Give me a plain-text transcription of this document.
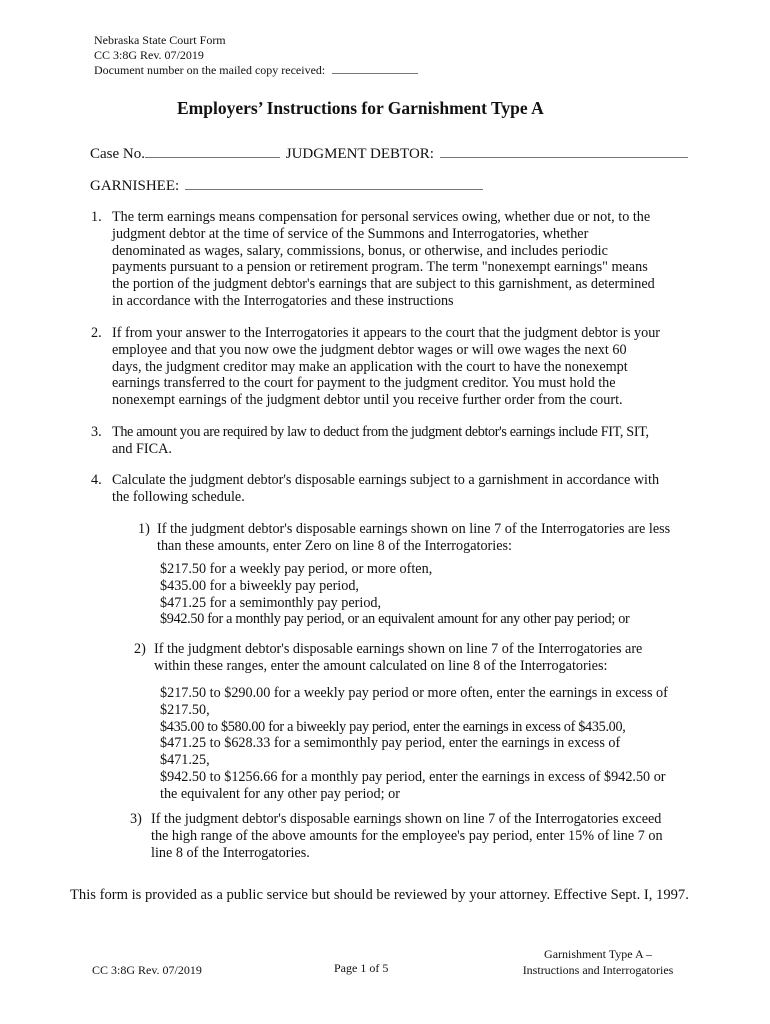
Nebraska State Court Form
CC 3:8G Rev. 07/2019
Document number on the mailed copy received:
Employers’ Instructions for Garnishment Type A
Case No.	JUDGMENT DEBTOR:
GARNISHEE:
1. The term earnings means compensation for personal services owing, whether due or not, to the
judgment debtor at the time of service of the Summons and Interrogatories, whether
denominated as wages, salary, commissions, bonus, or otherwise, and includes periodic
payments pursuant to a pension or retirement program. The term "nonexempt earnings" means
the portion of the judgment debtor's earnings that are subject to this garnishment, as determined
in accordance with the Interrogatories and these instructions
2. If from your answer to the Interrogatories it appears to the court that the judgment debtor is your
employee and that you now owe the judgment debtor wages or will owe wages the next 60
days, the judgment creditor may make an application with the court to have the nonexempt
earnings transferred to the court for payment to the judgment creditor. You must hold the
nonexempt earnings of the judgment debtor until you receive further order from the court.
3. The amount you are required by law to deduct from the judgment debtor's earnings include FIT, SIT,
and FICA.
4. Calculate the judgment debtor's disposable earnings subject to a garnishment in accordance with
the following schedule.
1) If the judgment debtor's disposable earnings shown on line 7 of the Interrogatories are less
than these amounts, enter Zero on line 8 of the Interrogatories:
$217.50 for a weekly pay period, or more often,
$435.00 for a biweekly pay period,
$471.25 for a semimonthly pay period,
$942.50 for a monthly pay period, or an equivalent amount for any other pay period; or
2) If the judgment debtor's disposable earnings shown on line 7 of the Interrogatories are
within these ranges, enter the amount calculated on line 8 of the Interrogatories:
$217.50 to $290.00 for a weekly pay period or more often, enter the earnings in excess of
$217.50,
$435.00 to $580.00 for a biweekly pay period, enter the earnings in excess of $435.00,
$471.25 to $628.33 for a semimonthly pay period, enter the earnings in excess of
$471.25,
$942.50 to $1256.66 for a monthly pay period, enter the earnings in excess of $942.50 or
the equivalent for any other pay period; or
3) If the judgment debtor's disposable earnings shown on line 7 of the Interrogatories exceed
the high range of the above amounts for the employee's pay period, enter 15% of line 7 on
line 8 of the Interrogatories.
This form is provided as a public service but should be reviewed by your attorney. Effective Sept. I, 1997.
CC 3:8G Rev. 07/2019	Page 1 of 5
Garnishment Type A –
Instructions and Interrogatories
